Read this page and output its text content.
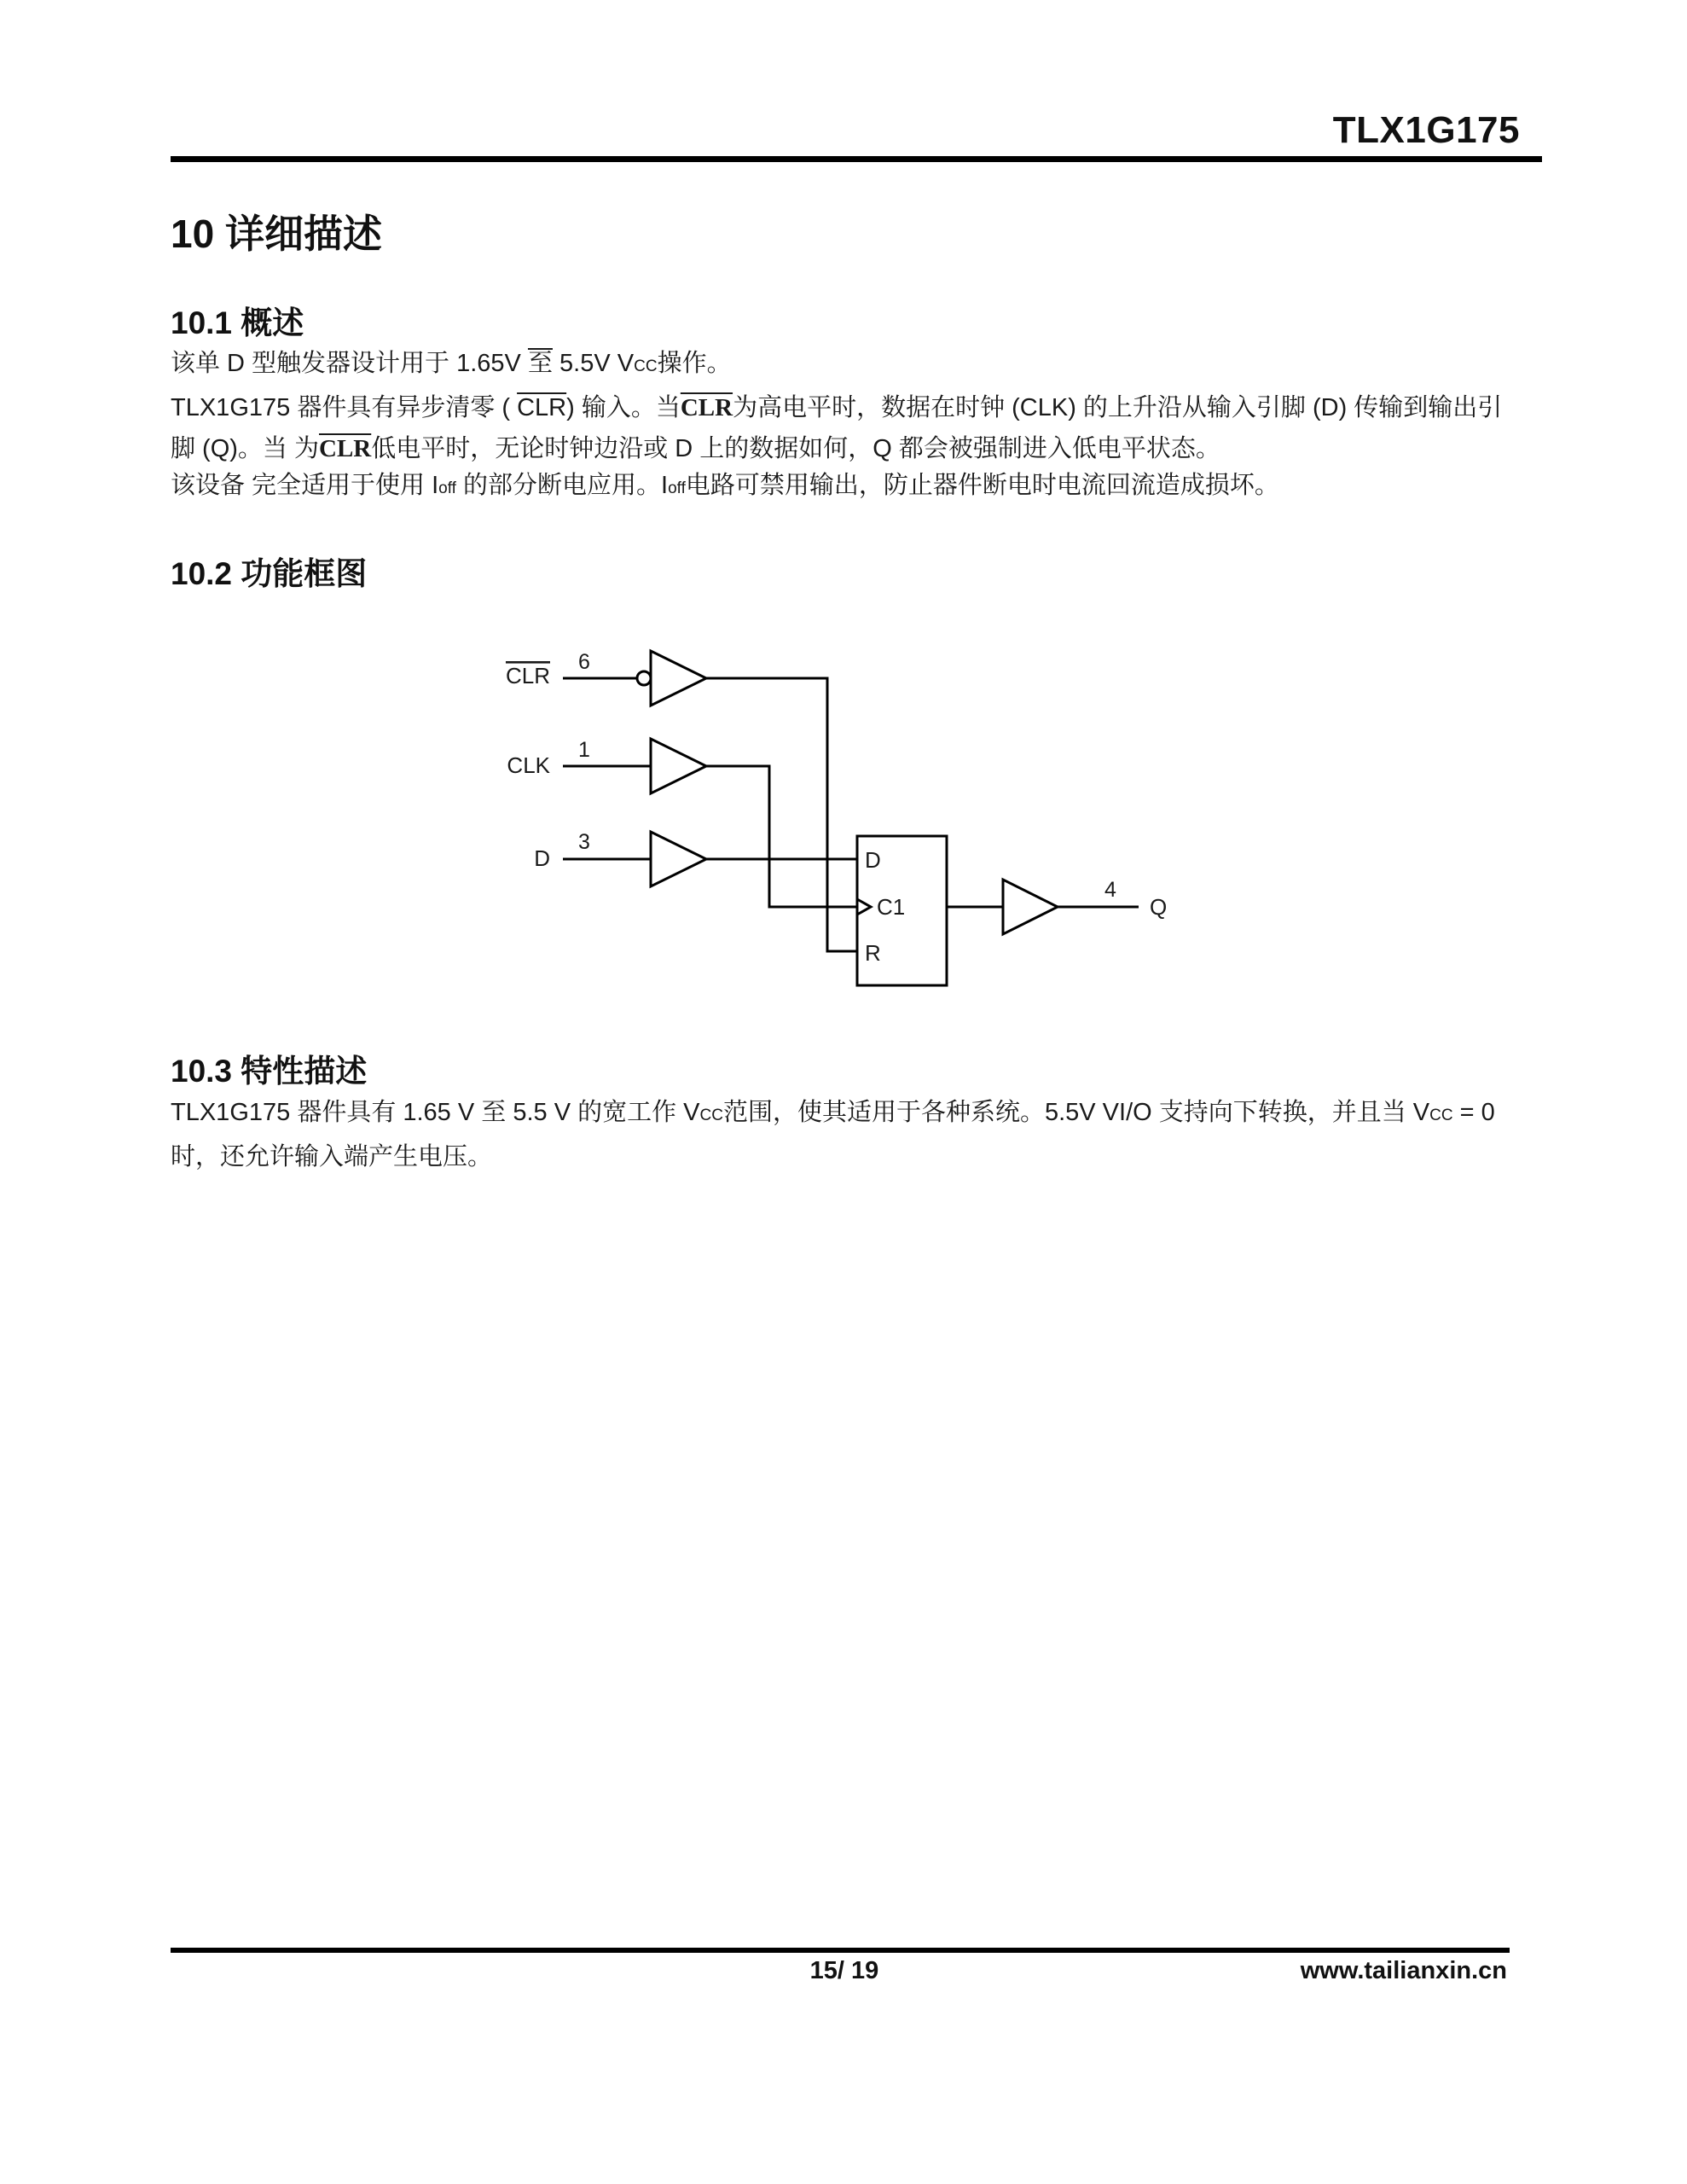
TLX1G175
10 详细描述
10.1 概述
该单 D 型触发器设计用于 1.65V 至 5.5V VCC操作。
TLX1G175 器件具有异步清零 ( $\overline{CLR}$) 输入。当$\overline{CLR}$为高电平时，数据在时钟 (CLK) 的上升沿从输入引脚 (D) 传输到输出引脚 (Q)。当 为$\overline{CLR}$低电平时，无论时钟边沿或 D 上的数据如何，Q 都会被强制进入低电平状态。
该设备 完全适用于使用 Ioff 的部分断电应用。Ioff电路可禁用输出，防止器件断电时电流回流造成损坏。
10.2 功能框图
CLR
6
CLK
1
D
3
D
C1
R
4
Q
10.3 特性描述
TLX1G175 器件具有 1.65 V 至 5.5 V 的宽工作 VCC范围，使其适用于各种系统。5.5V VI/O 支持向下转换，并且当 VCC = 0 时，还允许输入端产生电压。
15/ 19	www.tailianxin.cn
